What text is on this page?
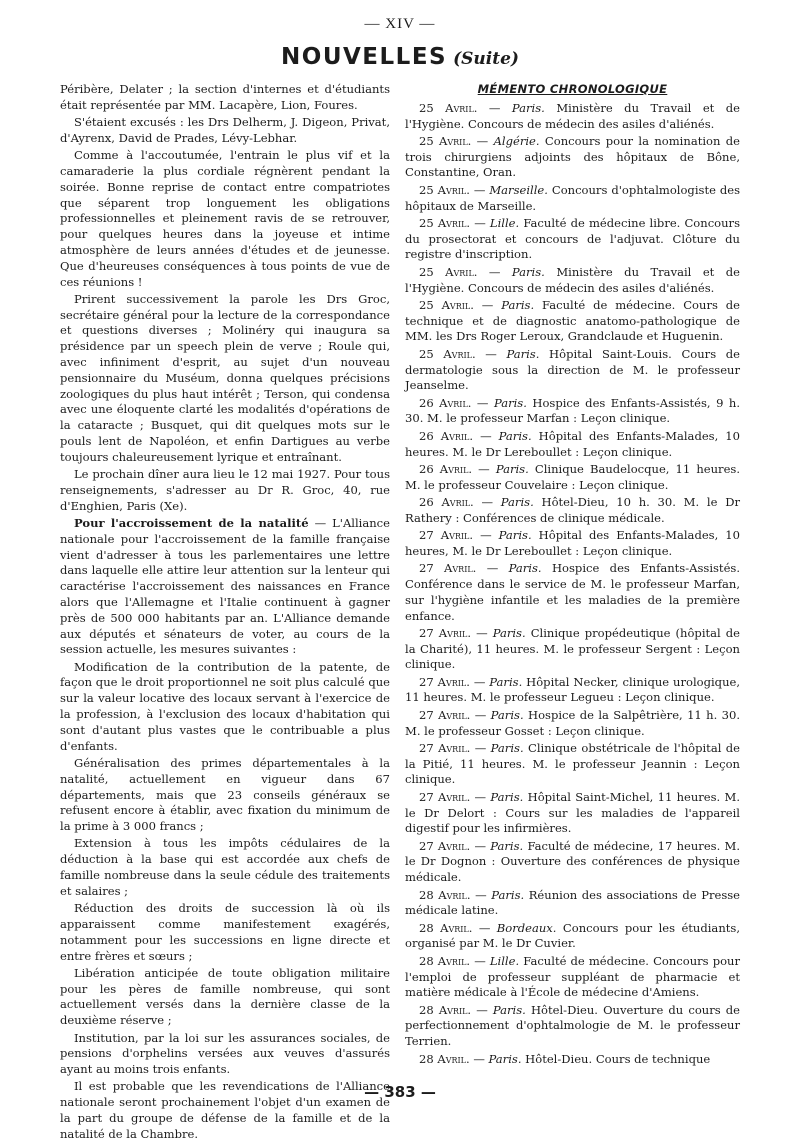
— XIV —
NOUVELLES (Suite)

Péribère, Delater ; la section d'internes et d'étudiants était représentée par MM. Lacapère, Lion, Foures.

S'étaient excusés : les Drs Delherm, J. Digeon, Privat, d'Ayrenx, David de Prades, Lévy-Lebhar.

Comme à l'accoutumée, l'entrain le plus vif et la camaraderie la plus cordiale régnèrent pendant la soirée. Bonne reprise de contact entre compatriotes que séparent trop longuement les obligations professionnelles et pleinement ravis de se retrouver, pour quelques heures dans la joyeuse et intime atmosphère de leurs années d'études et de jeunesse. Que d'heureuses conséquences à tous points de vue de ces réunions !

Prirent successivement la parole les Drs Groc, secrétaire général pour la lecture de la correspondance et questions diverses ; Molinéry qui inaugura sa présidence par un speech plein de verve ; Roule qui, avec infiniment d'esprit, au sujet d'un nouveau pensionnaire du Muséum, donna quelques précisions zoologiques du plus haut intérêt ; Terson, qui condensa avec une éloquente clarté les modalités d'opérations de la cataracte ; Busquet, qui dit quelques mots sur le pouls lent de Napoléon, et enfin Dartigues au verbe toujours chaleureusement lyrique et entraînant.

Le prochain dîner aura lieu le 12 mai 1927. Pour tous renseignements, s'adresser au Dr R. Groc, 40, rue d'Enghien, Paris (Xe).

Pour l'accroissement de la natalité — L'Alliance nationale pour l'accroissement de la famille française vient d'adresser à tous les parlementaires une lettre dans laquelle elle attire leur attention sur la lenteur qui caractérise l'accroissement des naissances en France alors que l'Allemagne et l'Italie continuent à gagner près de 500 000 habitants par an. L'Alliance demande aux députés et sénateurs de voter, au cours de la session actuelle, les mesures suivantes :

Modification de la contribution de la patente, de façon que le droit proportionnel ne soit plus calculé que sur la valeur locative des locaux servant à l'exercice de la profession, à l'exclusion des locaux d'habitation qui sont d'autant plus vastes que le contribuable a plus d'enfants.

Généralisation des primes départementales à la natalité, actuellement en vigueur dans 67 départements, mais que 23 conseils généraux se refusent encore à établir, avec fixation du minimum de la prime à 3 000 francs ;

Extension à tous les impôts cédulaires de la déduction à la base qui est accordée aux chefs de famille nombreuse dans la seule cédule des traitements et salaires ;

Réduction des droits de succession là où ils apparaissent comme manifestement exagérés, notamment pour les successions en ligne directe et entre frères et sœurs ;

Libération anticipée de toute obligation militaire pour les pères de famille nombreuse, qui sont actuellement versés dans la dernière classe de la deuxième réserve ;

Institution, par la loi sur les assurances sociales, de pensions d'orphelins versées aux veuves d'assurés ayant au moins trois enfants.

Il est probable que les revendications de l'Alliance nationale seront prochainement l'objet d'un examen de la part du groupe de défense de la famille et de la natalité de la Chambre.

MÉMENTO CHRONOLOGIQUE

25 Avril. — Paris. Ministère du Travail et de l'Hygiène. Concours de médecin des asiles d'aliénés.

25 Avril. — Algérie. Concours pour la nomination de trois chirurgiens adjoints des hôpitaux de Bône, Constantine, Oran.

25 Avril. — Marseille. Concours d'ophtalmologiste des hôpitaux de Marseille.

25 Avril. — Lille. Faculté de médecine libre. Concours du prosectorat et concours de l'adjuvat. Clôture du registre d'inscription.

25 Avril. — Paris. Ministère du Travail et de l'Hygiène. Concours de médecin des asiles d'aliénés.

25 Avril. — Paris. Faculté de médecine. Cours de technique et de diagnostic anatomo-pathologique de MM. les Drs Roger Leroux, Grandclaude et Huguenin.

25 Avril. — Paris. Hôpital Saint-Louis. Cours de dermatologie sous la direction de M. le professeur Jeanselme.

26 Avril. — Paris. Hospice des Enfants-Assistés, 9 h. 30. M. le professeur Marfan : Leçon clinique.

26 Avril. — Paris. Hôpital des Enfants-Malades, 10 heures. M. le Dr Lereboullet : Leçon clinique.

26 Avril. — Paris. Clinique Baudelocque, 11 heures. M. le professeur Couvelaire : Leçon clinique.

26 Avril. — Paris. Hôtel-Dieu, 10 h. 30. M. le Dr Rathery : Conférences de clinique médicale.

27 Avril. — Paris. Hôpital des Enfants-Malades, 10 heures, M. le Dr Lereboullet : Leçon clinique.

27 Avril. — Paris. Hospice des Enfants-Assistés. Conférence dans le service de M. le professeur Marfan, sur l'hygiène infantile et les maladies de la première enfance.

27 Avril. — Paris. Clinique propédeutique (hôpital de la Charité), 11 heures. M. le professeur Sergent : Leçon clinique.

27 Avril. — Paris. Hôpital Necker, clinique urologique, 11 heures. M. le professeur Legueu : Leçon clinique.

27 Avril. — Paris. Hospice de la Salpêtrière, 11 h. 30. M. le professeur Gosset : Leçon clinique.

27 Avril. — Paris. Clinique obstétricale de l'hôpital de la Pitié, 11 heures. M. le professeur Jeannin : Leçon clinique.

27 Avril. — Paris. Hôpital Saint-Michel, 11 heures. M. le Dr Delort : Cours sur les maladies de l'appareil digestif pour les infirmières.

27 Avril. — Paris. Faculté de médecine, 17 heures. M. le Dr Dognon : Ouverture des conférences de physique médicale.

28 Avril. — Paris. Réunion des associations de Presse médicale latine.

28 Avril. — Bordeaux. Concours pour les étudiants, organisé par M. le Dr Cuvier.

28 Avril. — Lille. Faculté de médecine. Concours pour l'emploi de professeur suppléant de pharmacie et matière médicale à l'École de médecine d'Amiens.

28 Avril. — Paris. Hôtel-Dieu. Ouverture du cours de perfectionnement d'ophtalmologie de M. le professeur Terrien.

28 Avril. — Paris. Hôtel-Dieu. Cours de technique

— 383 —
